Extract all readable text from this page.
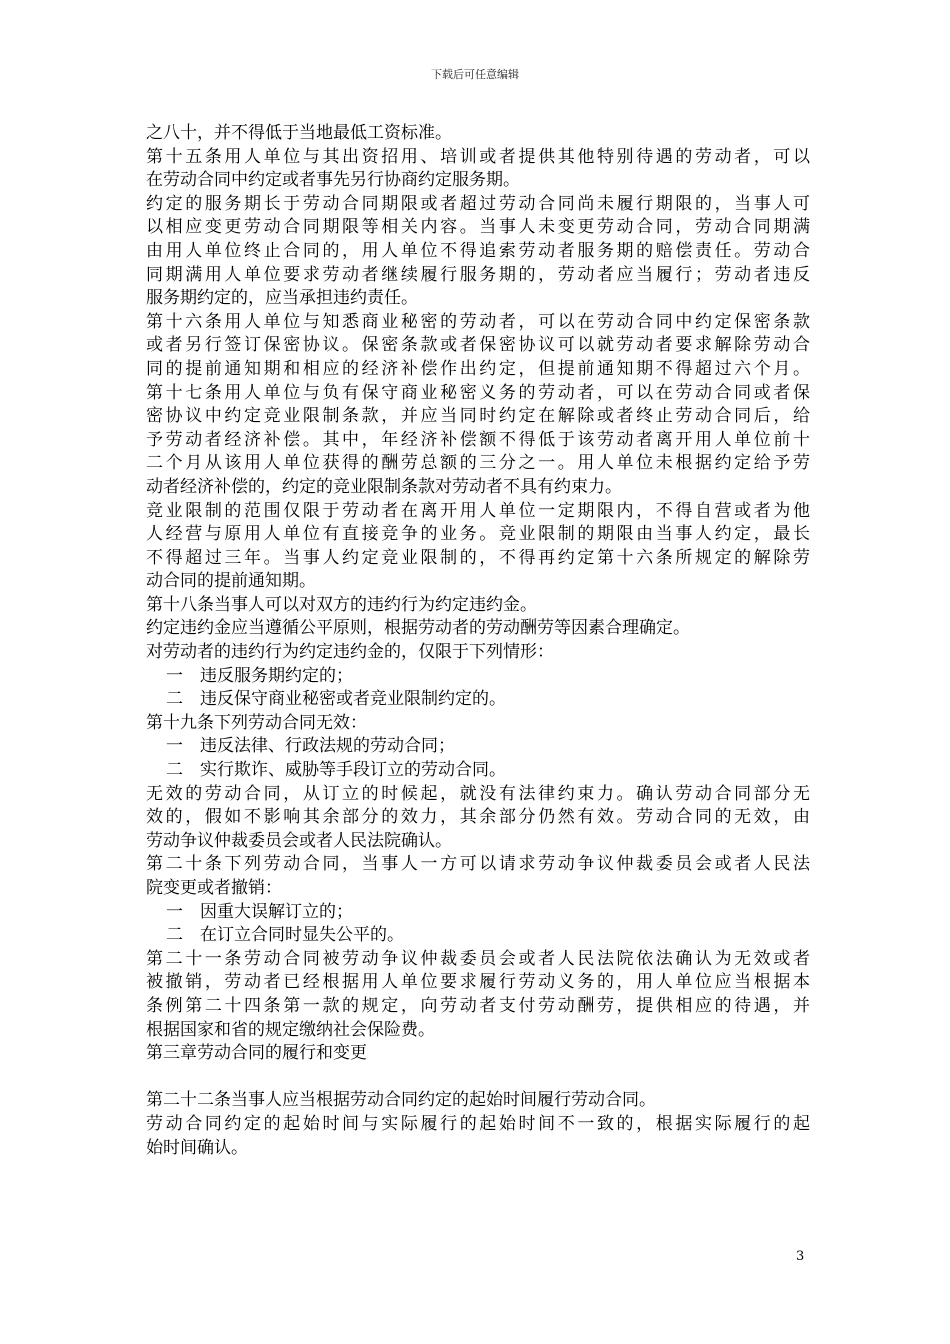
下载后可任意编辑
之八十，并不得低于当地最低工资标准。
第十五条用人单位与其出资招用、培训或者提供其他特别待遇的劳动者，可以
在劳动合同中约定或者事先另行协商约定服务期。
约定的服务期长于劳动合同期限或者超过劳动合同尚未履行期限的，当事人可
以相应变更劳动合同期限等相关内容。当事人未变更劳动合同，劳动合同期满
由用人单位终止合同的，用人单位不得追索劳动者服务期的赔偿责任。劳动合
同期满用人单位要求劳动者继续履行服务期的，劳动者应当履行；劳动者违反
服务期约定的，应当承担违约责任。
第十六条用人单位与知悉商业秘密的劳动者，可以在劳动合同中约定保密条款
或者另行签订保密协议。保密条款或者保密协议可以就劳动者要求解除劳动合
同的提前通知期和相应的经济补偿作出约定，但提前通知期不得超过六个月。
第十七条用人单位与负有保守商业秘密义务的劳动者，可以在劳动合同或者保
密协议中约定竞业限制条款，并应当同时约定在解除或者终止劳动合同后，给
予劳动者经济补偿。其中，年经济补偿额不得低于该劳动者离开用人单位前十
二个月从该用人单位获得的酬劳总额的三分之一。用人单位未根据约定给予劳
动者经济补偿的，约定的竞业限制条款对劳动者不具有约束力。
竞业限制的范围仅限于劳动者在离开用人单位一定期限内，不得自营或者为他
人经营与原用人单位有直接竞争的业务。竞业限制的期限由当事人约定，最长
不得超过三年。当事人约定竞业限制的，不得再约定第十六条所规定的解除劳
动合同的提前通知期。
第十八条当事人可以对双方的违约行为约定违约金。
约定违约金应当遵循公平原则，根据劳动者的劳动酬劳等因素合理确定。
对劳动者的违约行为约定违约金的，仅限于下列情形：
一　违反服务期约定的；
二　违反保守商业秘密或者竞业限制约定的。
第十九条下列劳动合同无效：
一　违反法律、行政法规的劳动合同；
二　实行欺诈、威胁等手段订立的劳动合同。
无效的劳动合同，从订立的时候起，就没有法律约束力。确认劳动合同部分无
效的，假如不影响其余部分的效力，其余部分仍然有效。劳动合同的无效，由
劳动争议仲裁委员会或者人民法院确认。
第二十条下列劳动合同，当事人一方可以请求劳动争议仲裁委员会或者人民法
院变更或者撤销：
一　因重大误解订立的；
二　在订立合同时显失公平的。
第二十一条劳动合同被劳动争议仲裁委员会或者人民法院依法确认为无效或者
被撤销，劳动者已经根据用人单位要求履行劳动义务的，用人单位应当根据本
条例第二十四条第一款的规定，向劳动者支付劳动酬劳，提供相应的待遇，并
根据国家和省的规定缴纳社会保险费。
第三章劳动合同的履行和变更
第二十二条当事人应当根据劳动合同约定的起始时间履行劳动合同。
劳动合同约定的起始时间与实际履行的起始时间不一致的，根据实际履行的起
始时间确认。
3
